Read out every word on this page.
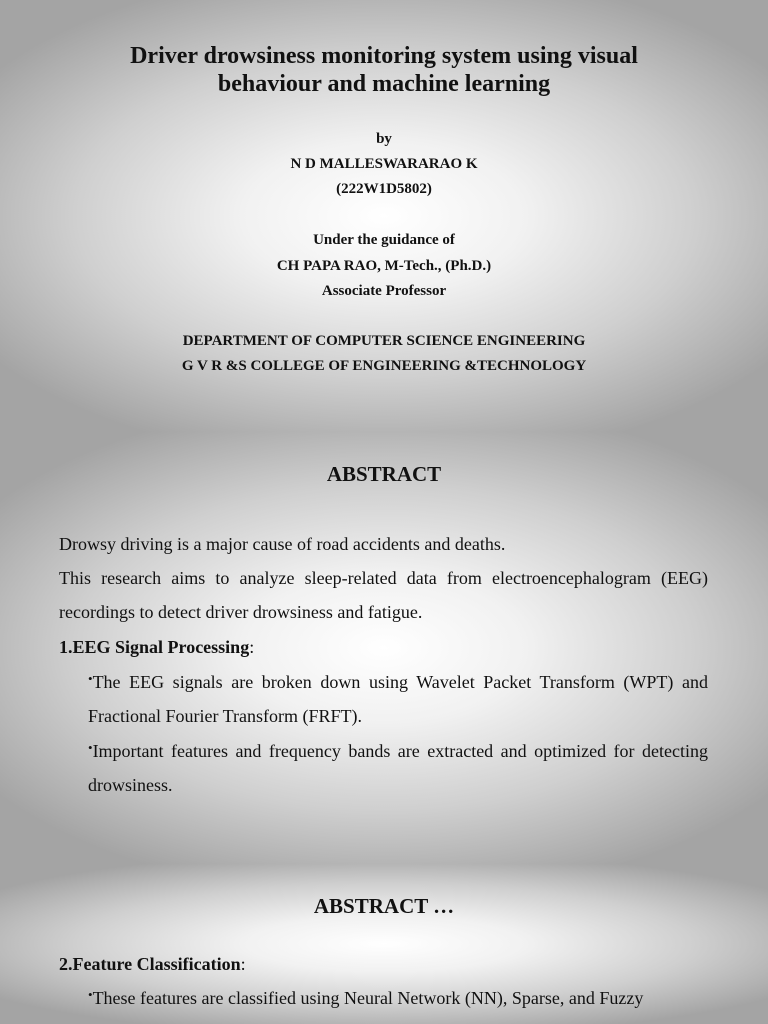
Driver drowsiness monitoring system using visual behaviour and machine learning
by
N D MALLESWARARAO K
(222W1D5802)
Under the guidance of
CH PAPA RAO, M-Tech., (Ph.D.)
Associate Professor
DEPARTMENT OF COMPUTER SCIENCE ENGINEERING
G V R &S COLLEGE OF ENGINEERING &TECHNOLOGY
ABSTRACT
Drowsy driving is a major cause of road accidents and deaths.
This research aims to analyze sleep-related data from electroencephalogram (EEG) recordings to detect driver drowsiness and fatigue.
1.EEG Signal Processing:
•The EEG signals are broken down using Wavelet Packet Transform (WPT) and Fractional Fourier Transform (FRFT).
•Important features and frequency bands are extracted and optimized for detecting drowsiness.
ABSTRACT …
2.Feature Classification:
•These features are classified using Neural Network (NN), Sparse, and Fuzzy
